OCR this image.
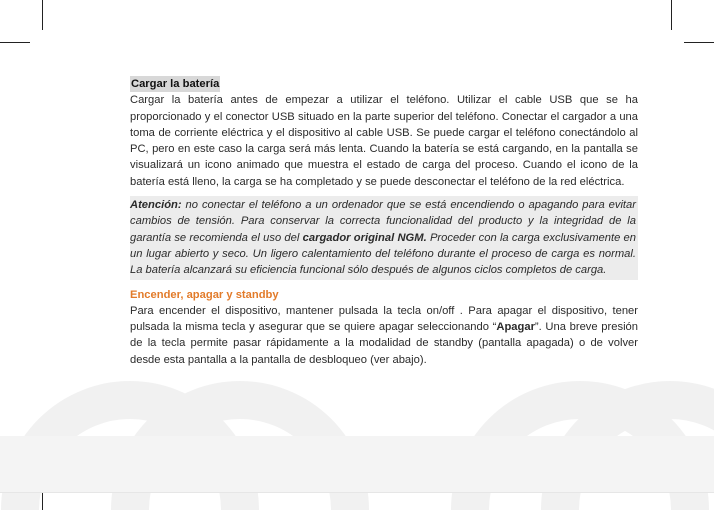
Cargar la batería

Cargar la batería antes de empezar a utilizar el teléfono. Utilizar el cable USB que se ha proporcionado y el conector USB situado en la parte superior del teléfono. Conectar el cargador a una toma de corriente eléctrica y el dispositivo al cable USB. Se puede cargar el teléfono conectándolo al PC, pero en este caso la carga será más lenta. Cuando la batería se está cargando, en la pantalla se visualizará un icono animado que muestra el estado de carga del proceso. Cuando el icono de la batería está lleno, la carga se ha completado y se puede desconectar el teléfono de la red eléctrica.

Atención: no conectar el teléfono a un ordenador que se está encendiendo o apagando para evitar cambios de tensión. Para conservar la correcta funcionalidad del producto y la integridad de la garantía se recomienda el uso del cargador original NGM. Proceder con la carga exclusivamente en un lugar abierto y seco. Un ligero calentamiento del teléfono durante el proceso de carga es normal. La batería alcanzará su eficiencia funcional sólo después de algunos ciclos completos de carga.
Encender, apagar y standby

Para encender el dispositivo, mantener pulsada la tecla on/off . Para apagar el dispositivo, tener pulsada la misma tecla y asegurar que se quiere apagar seleccionando “Apagar”. Una breve presión de la tecla permite pasar rápidamente a la modalidad de standby (pantalla apagada) o de volver desde esta pantalla a la pantalla de desbloqueo (ver abajo).
